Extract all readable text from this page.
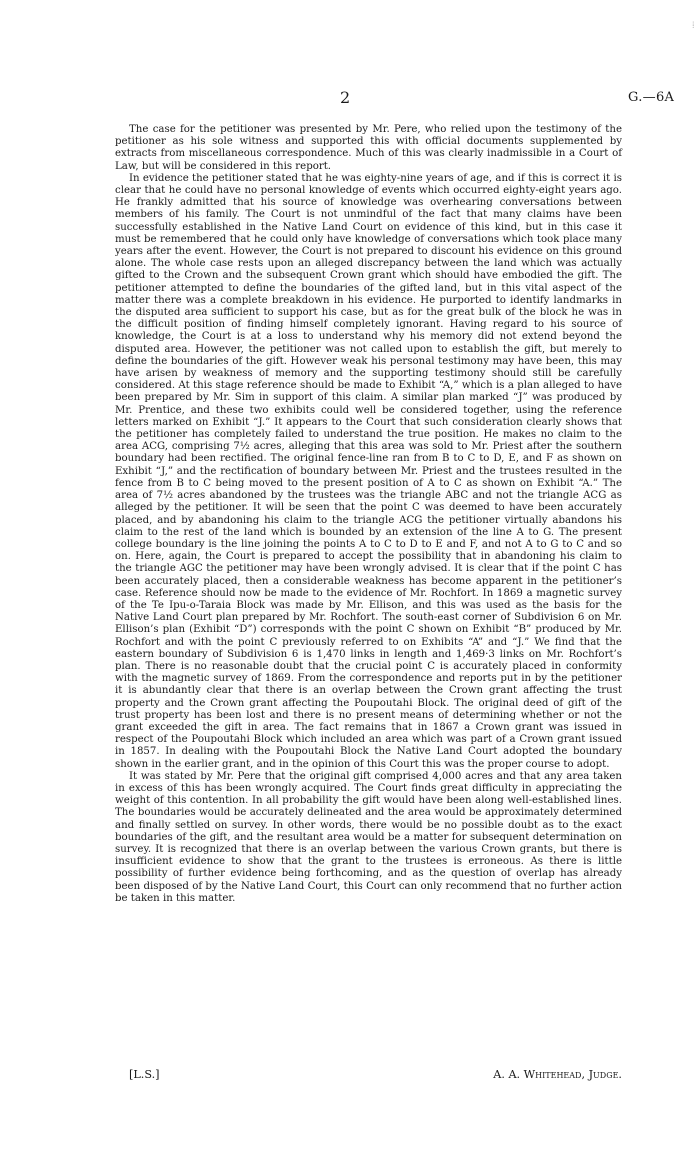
⁞
2	G.—6A

The case for the petitioner was presented by Mr. Pere, who relied upon the testimony of the petitioner as his sole witness and supported this with official documents supplemented by extracts from miscellaneous correspondence. Much of this was clearly inadmissible in a Court of Law, but will be considered in this report.

In evidence the petitioner stated that he was eighty-nine years of age, and if this is correct it is clear that he could have no personal knowledge of events which occurred eighty-eight years ago. He frankly admitted that his source of knowledge was overhearing conversations between members of his family. The Court is not unmindful of the fact that many claims have been successfully established in the Native Land Court on evidence of this kind, but in this case it must be remembered that he could only have knowledge of conversations which took place many years after the event. However, the Court is not prepared to discount his evidence on this ground alone. The whole case rests upon an alleged discrepancy between the land which was actually gifted to the Crown and the subsequent Crown grant which should have embodied the gift. The petitioner attempted to define the boundaries of the gifted land, but in this vital aspect of the matter there was a complete breakdown in his evidence. He purported to identify landmarks in the disputed area sufficient to support his case, but as for the great bulk of the block he was in the difficult position of finding himself completely ignorant. Having regard to his source of knowledge, the Court is at a loss to understand why his memory did not extend beyond the disputed area. However, the petitioner was not called upon to establish the gift, but merely to define the boundaries of the gift. However weak his personal testimony may have been, this may have arisen by weakness of memory and the supporting testimony should still be carefully considered. At this stage reference should be made to Exhibit “A,” which is a plan alleged to have been prepared by Mr. Sim in support of this claim. A similar plan marked “J” was produced by Mr. Prentice, and these two exhibits could well be considered together, using the reference letters marked on Exhibit “J.” It appears to the Court that such consideration clearly shows that the petitioner has completely failed to understand the true position. He makes no claim to the area ACG, comprising 7½ acres, alleging that this area was sold to Mr. Priest after the southern boundary had been rectified. The original fence-line ran from B to C to D, E, and F as shown on Exhibit “J,” and the rectification of boundary between Mr. Priest and the trustees resulted in the fence from B to C being moved to the present position of A to C as shown on Exhibit “A.” The area of 7½ acres abandoned by the trustees was the triangle ABC and not the triangle ACG as alleged by the petitioner. It will be seen that the point C was deemed to have been accurately placed, and by abandoning his claim to the triangle ACG the petitioner virtually abandons his claim to the rest of the land which is bounded by an extension of the line A to G. The present college boundary is the line joining the points A to C to D to E and F, and not A to G to C and so on. Here, again, the Court is prepared to accept the possibility that in abandoning his claim to the triangle AGC the petitioner may have been wrongly advised. It is clear that if the point C has been accurately placed, then a considerable weakness has become apparent in the petitioner’s case. Reference should now be made to the evidence of Mr. Rochfort. In 1869 a magnetic survey of the Te Ipu-o-Taraia Block was made by Mr. Ellison, and this was used as the basis for the Native Land Court plan prepared by Mr. Rochfort. The south-east corner of Subdivision 6 on Mr. Ellison’s plan (Exhibit “D”) corresponds with the point C shown on Exhibit “B” produced by Mr. Rochfort and with the point C previously referred to on Exhibits “A” and “J.” We find that the eastern boundary of Subdivision 6 is 1,470 links in length and 1,469·3 links on Mr. Rochfort’s plan. There is no reasonable doubt that the crucial point C is accurately placed in conformity with the magnetic survey of 1869. From the correspondence and reports put in by the petitioner it is abundantly clear that there is an overlap between the Crown grant affecting the trust property and the Crown grant affecting the Poupoutahi Block. The original deed of gift of the trust property has been lost and there is no present means of determining whether or not the grant exceeded the gift in area. The fact remains that in 1867 a Crown grant was issued in respect of the Poupoutahi Block which included an area which was part of a Crown grant issued in 1857. In dealing with the Poupoutahi Block the Native Land Court adopted the boundary shown in the earlier grant, and in the opinion of this Court this was the proper course to adopt.

It was stated by Mr. Pere that the original gift comprised 4,000 acres and that any area taken in excess of this has been wrongly acquired. The Court finds great difficulty in appreciating the weight of this contention. In all probability the gift would have been along well-established lines. The boundaries would be accurately delineated and the area would be approximately determined and finally settled on survey. In other words, there would be no possible doubt as to the exact boundaries of the gift, and the resultant area would be a matter for subsequent determination on survey. It is recognized that there is an overlap between the various Crown grants, but there is insufficient evidence to show that the grant to the trustees is erroneous. As there is little possibility of further evidence being forthcoming, and as the question of overlap has already been disposed of by the Native Land Court, this Court can only recommend that no further action be taken in this matter.

[L.S.]	A. A. Whitehead, Judge.
